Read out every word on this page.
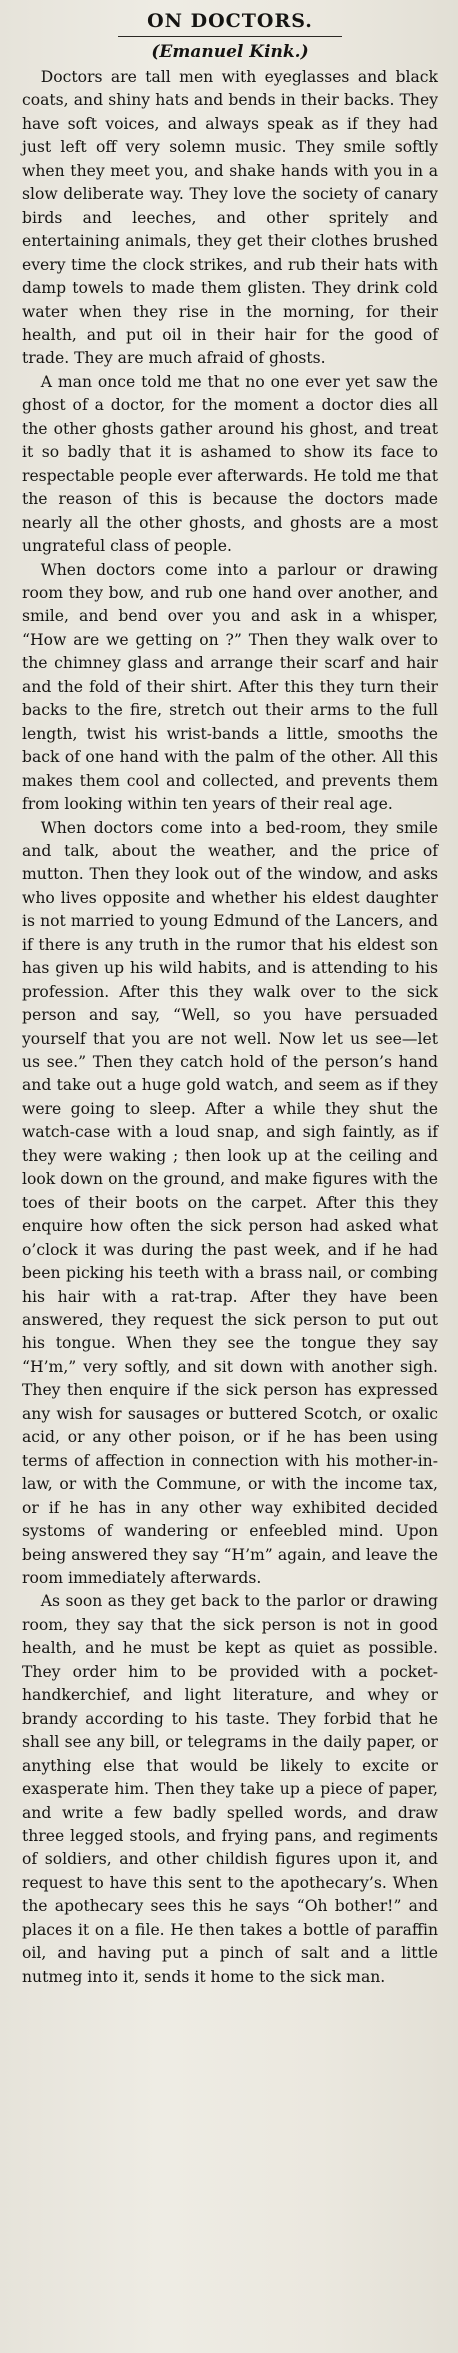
ON DOCTORS.
(Emanuel Kink.)

Doctors are tall men with eyeglasses and black coats, and shiny hats and bends in their backs. They have soft voices, and always speak as if they had just left off very solemn music. They smile softly when they meet you, and shake hands with you in a slow deliberate way. They love the society of canary birds and leeches, and other spritely and entertaining animals, they get their clothes brushed every time the clock strikes, and rub their hats with damp towels to made them glisten. They drink cold water when they rise in the morning, for their health, and put oil in their hair for the good of trade. They are much afraid of ghosts.

A man once told me that no one ever yet saw the ghost of a doctor, for the moment a doctor dies all the other ghosts gather around his ghost, and treat it so badly that it is ashamed to show its face to respectable people ever afterwards. He told me that the reason of this is because the doctors made nearly all the other ghosts, and ghosts are a most ungrateful class of people.

When doctors come into a parlour or drawing room they bow, and rub one hand over another, and smile, and bend over you and ask in a whisper, “How are we getting on ?” Then they walk over to the chimney glass and arrange their scarf and hair and the fold of their shirt. After this they turn their backs to the fire, stretch out their arms to the full length, twist his wrist-bands a little, smooths the back of one hand with the palm of the other. All this makes them cool and collected, and prevents them from looking within ten years of their real age.

When doctors come into a bed-room, they smile and talk, about the weather, and the price of mutton. Then they look out of the window, and asks who lives opposite and whether his eldest daughter is not married to young Edmund of the Lancers, and if there is any truth in the rumor that his eldest son has given up his wild habits, and is attending to his profession. After this they walk over to the sick person and say, “Well, so you have persuaded yourself that you are not well. Now let us see—let us see.” Then they catch hold of the person’s hand and take out a huge gold watch, and seem as if they were going to sleep. After a while they shut the watch-case with a loud snap, and sigh faintly, as if they were waking ; then look up at the ceiling and look down on the ground, and make figures with the toes of their boots on the carpet. After this they enquire how often the sick person had asked what o’clock it was during the past week, and if he had been picking his teeth with a brass nail, or combing his hair with a rat-trap. After they have been answered, they request the sick person to put out his tongue. When they see the tongue they say “H’m,” very softly, and sit down with another sigh. They then enquire if the sick person has expressed any wish for sausages or buttered Scotch, or oxalic acid, or any other poison, or if he has been using terms of affection in connection with his mother-in-law, or with the Commune, or with the income tax, or if he has in any other way exhibited decided systoms of wandering or enfeebled mind. Upon being answered they say “H’m” again, and leave the room immediately afterwards.

As soon as they get back to the parlor or drawing room, they say that the sick person is not in good health, and he must be kept as quiet as possible. They order him to be provided with a pocket-handkerchief, and light literature, and whey or brandy according to his taste. They forbid that he shall see any bill, or telegrams in the daily paper, or anything else that would be likely to excite or exasperate him. Then they take up a piece of paper, and write a few badly spelled words, and draw three legged stools, and frying pans, and regiments of soldiers, and other childish figures upon it, and request to have this sent to the apothecary’s. When the apothecary sees this he says “Oh bother!” and places it on a file. He then takes a bottle of paraffin oil, and having put a pinch of salt and a little nutmeg into it, sends it home to the sick man.
